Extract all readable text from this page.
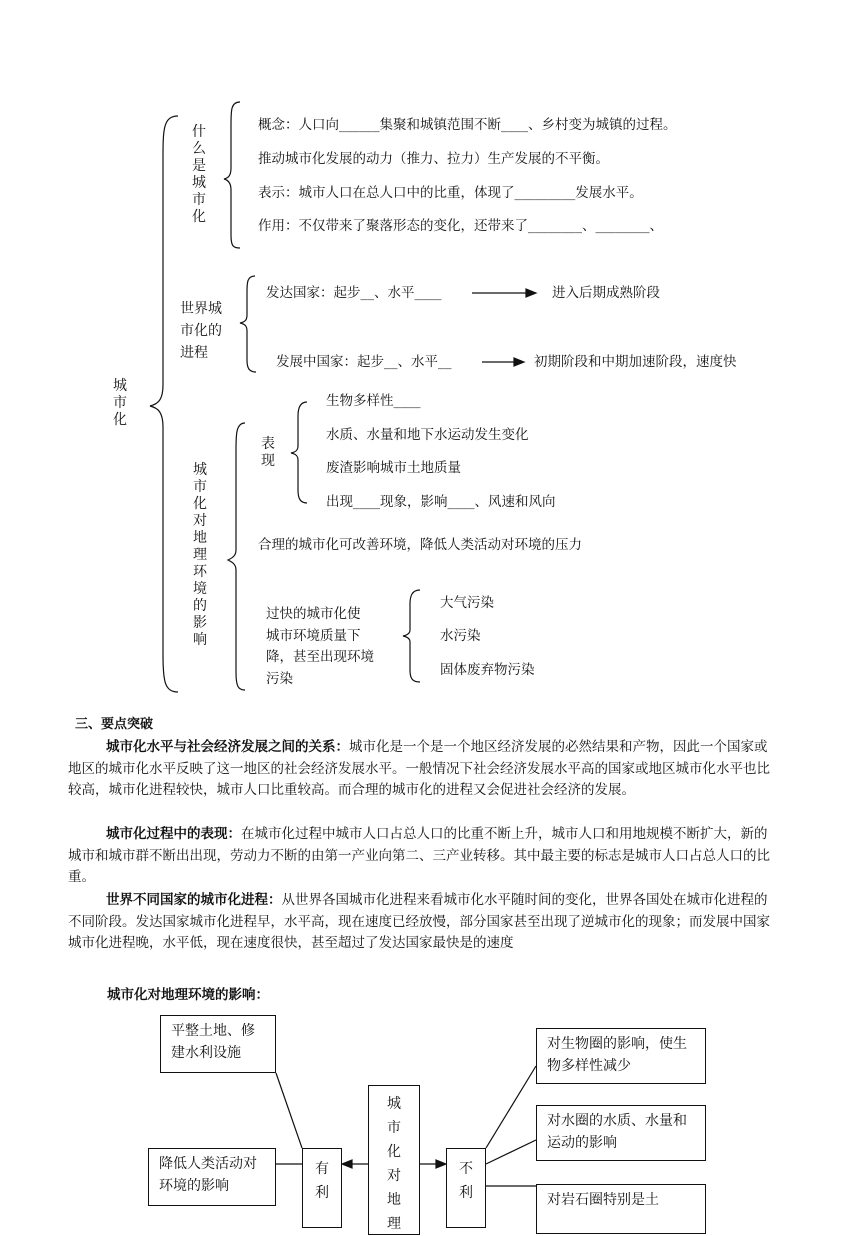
城市化
什么是城市化
概念：人口向______集聚和城镇范围不断____、乡村变为城镇的过程。
推动城市化发展的动力（推力、拉力）生产发展的不平衡。
表示：城市人口在总人口中的比重，体现了_________发展水平。
作用：不仅带来了聚落形态的变化，还带来了________、________、
世界城
市化的
进程
发达国家：起步__、水平____	进入后期成熟阶段
发展中国家：起步__、水平__	初期阶段和中期加速阶段，速度快
城市化对地理环境的影响
表现
生物多样性____
水质、水量和地下水运动发生变化
废渣影响城市土地质量
出现____现象，影响____、风速和风向
合理的城市化可改善环境，降低人类活动对环境的压力
过快的城市化使
城市环境质量下
降，甚至出现环境
污染
大气污染
水污染
固体废弃物污染
三、要点突破
城市化水平与社会经济发展之间的关系：城市化是一个是一个地区经济发展的必然结果和产物，因此一个国家或地区的城市化水平反映了这一地区的社会经济发展水平。一般情况下社会经济发展水平高的国家或地区城市化水平也比较高，城市化进程较快，城市人口比重较高。而合理的城市化的进程又会促进社会经济的发展。
城市化过程中的表现：在城市化过程中城市人口占总人口的比重不断上升，城市人口和用地规模不断扩大，新的城市和城市群不断出出现，劳动力不断的由第一产业向第二、三产业转移。其中最主要的标志是城市人口占总人口的比重。
世界不同国家的城市化进程：从世界各国城市化进程来看城市化水平随时间的变化，世界各国处在城市化进程的不同阶段。发达国家城市化进程早，水平高，现在速度已经放慢，部分国家甚至出现了逆城市化的现象；而发展中国家城市化进程晚，水平低，现在速度很快，甚至超过了发达国家最快是的速度
城市化对地理环境的影响：
平整土地、修建水利设施
降低人类活动对环境的影响
有利
城市化对地理
不利
对生物圈的影响，使生物多样性减少
对水圈的水质、水量和运动的影响
对岩石圈特别是土
